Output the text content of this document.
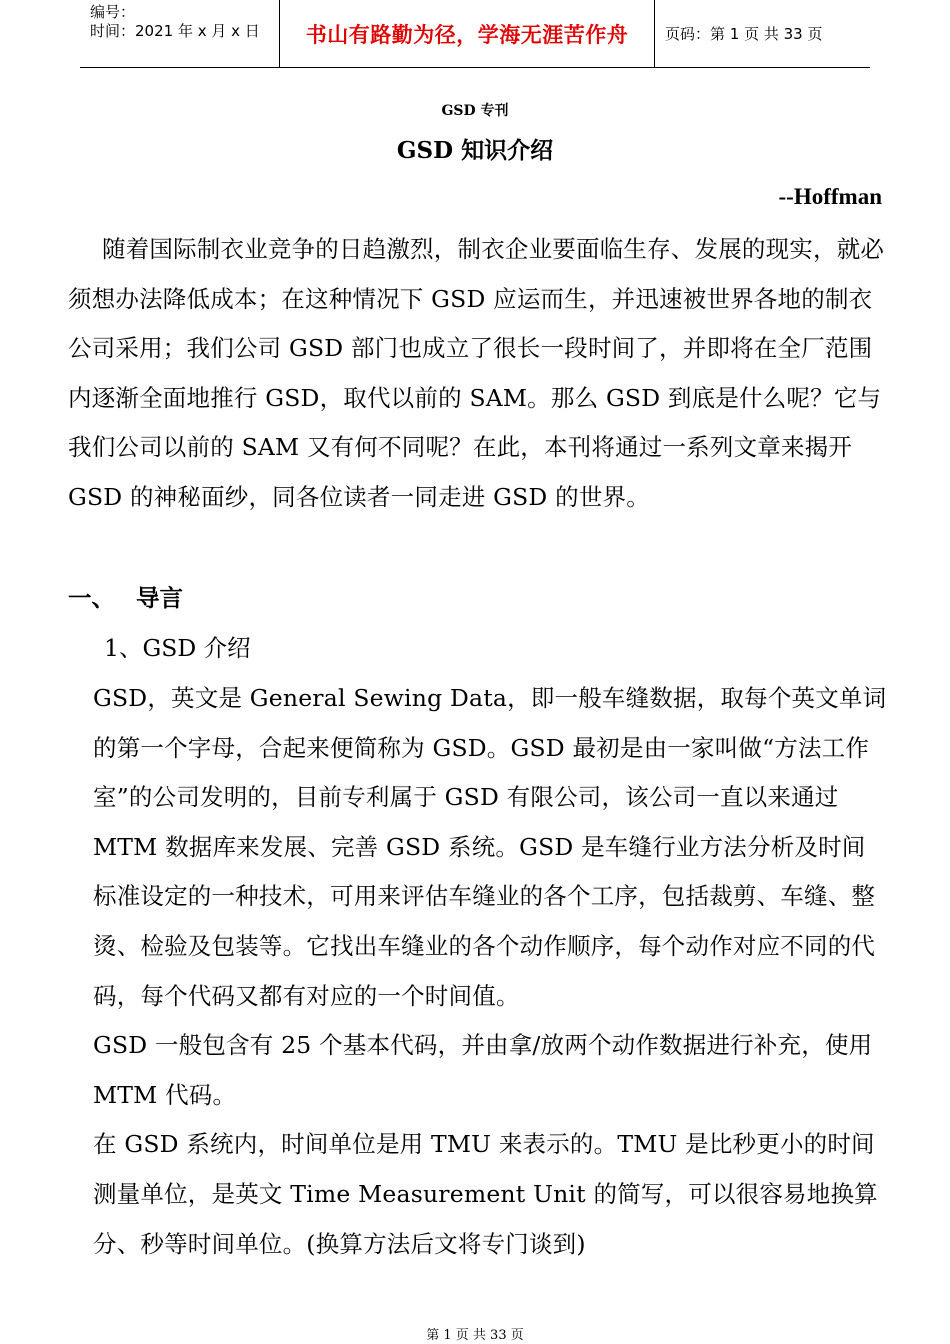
编号：
时间：2021 年 x 月 x 日	书山有路勤为径，学海无涯苦作舟	页码：第 1 页 共 33 页
GSD 专刊
GSD 知识介绍
--Hoffman

随着国际制衣业竞争的日趋激烈，制衣企业要面临生存、发展的现实，就必须想办法降低成本；在这种情况下 GSD 应运而生，并迅速被世界各地的制衣公司采用；我们公司 GSD 部门也成立了很长一段时间了，并即将在全厂范围内逐渐全面地推行 GSD，取代以前的 SAM。那么 GSD 到底是什么呢？它与我们公司以前的 SAM 又有何不同呢？在此，本刊将通过一系列文章来揭开 GSD 的神秘面纱，同各位读者一同走进 GSD 的世界。

一、 导言
1、GSD 介绍

GSD，英文是 General Sewing Data，即一般车缝数据，取每个英文单词的第一个字母，合起来便简称为 GSD。GSD 最初是由一家叫做“方法工作室”的公司发明的，目前专利属于 GSD 有限公司，该公司一直以来通过 MTM 数据库来发展、完善 GSD 系统。GSD 是车缝行业方法分析及时间标准设定的一种技术，可用来评估车缝业的各个工序，包括裁剪、车缝、整烫、检验及包装等。它找出车缝业的各个动作顺序，每个动作对应不同的代码，每个代码又都有对应的一个时间值。

GSD 一般包含有 25 个基本代码，并由拿/放两个动作数据进行补充，使用 MTM 代码。

在 GSD 系统内，时间单位是用 TMU 来表示的。TMU 是比秒更小的时间测量单位，是英文 Time Measurement Unit 的简写，可以很容易地换算分、秒等时间单位。(换算方法后文将专门谈到)

第 1 页 共 33 页
